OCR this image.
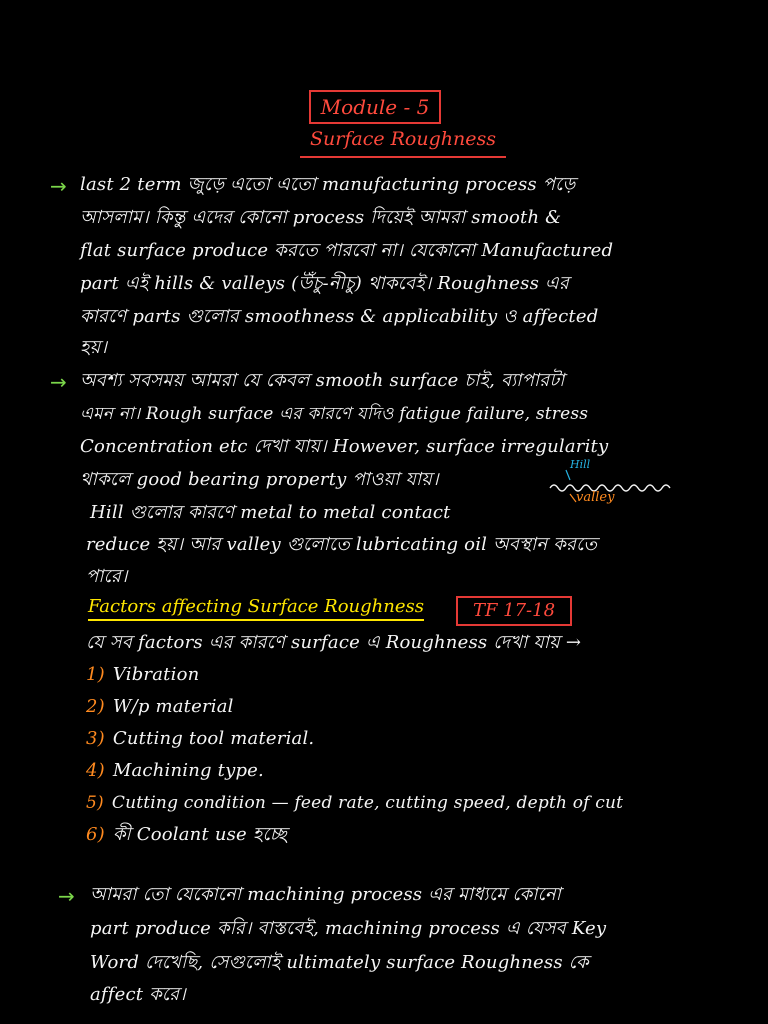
Module - 5
Surface Roughness
→ last 2 term জুড়ে এতো এতো manufacturing process পড়ে
আসলাম। কিন্তু এদের কোনো process দিয়েই আমরা smooth &
flat surface produce করতে পারবো না। যেকোনো Manufactured
part এই hills & valleys (উঁচু-নীচু) থাকবেই। Roughness এর
কারণে parts গুলোর smoothness & applicability ও affected
হয়।
→ অবশ্য সবসময় আমরা যে কেবল smooth surface চাই, ব্যাপারটা
এমন না। Rough surface এর কারণে যদিও fatigue failure, stress
Concentration etc দেখা যায়। However, surface irregularity
থাকলে good bearing property পাওয়া যায়।
Hill গুলোর কারণে metal to metal contact
reduce হয়। আর valley গুলোতে lubricating oil অবস্থান করতে
পারে।
Hill
valley
Factors affecting Surface Roughness	TF 17-18
যে সব factors এর কারণে surface এ Roughness দেখা যায় →
1) Vibration
2) W/p material
3) Cutting tool material.
4) Machining type.
5) Cutting condition — feed rate, cutting speed, depth of cut
6) কী Coolant use হচ্ছে
→ আমরা তো যেকোনো machining process এর মাধ্যমে কোনো
part produce করি। বাস্তবেই, machining process এ যেসব Key
Word দেখেছি, সেগুলোই ultimately surface Roughness কে
affect করে।
